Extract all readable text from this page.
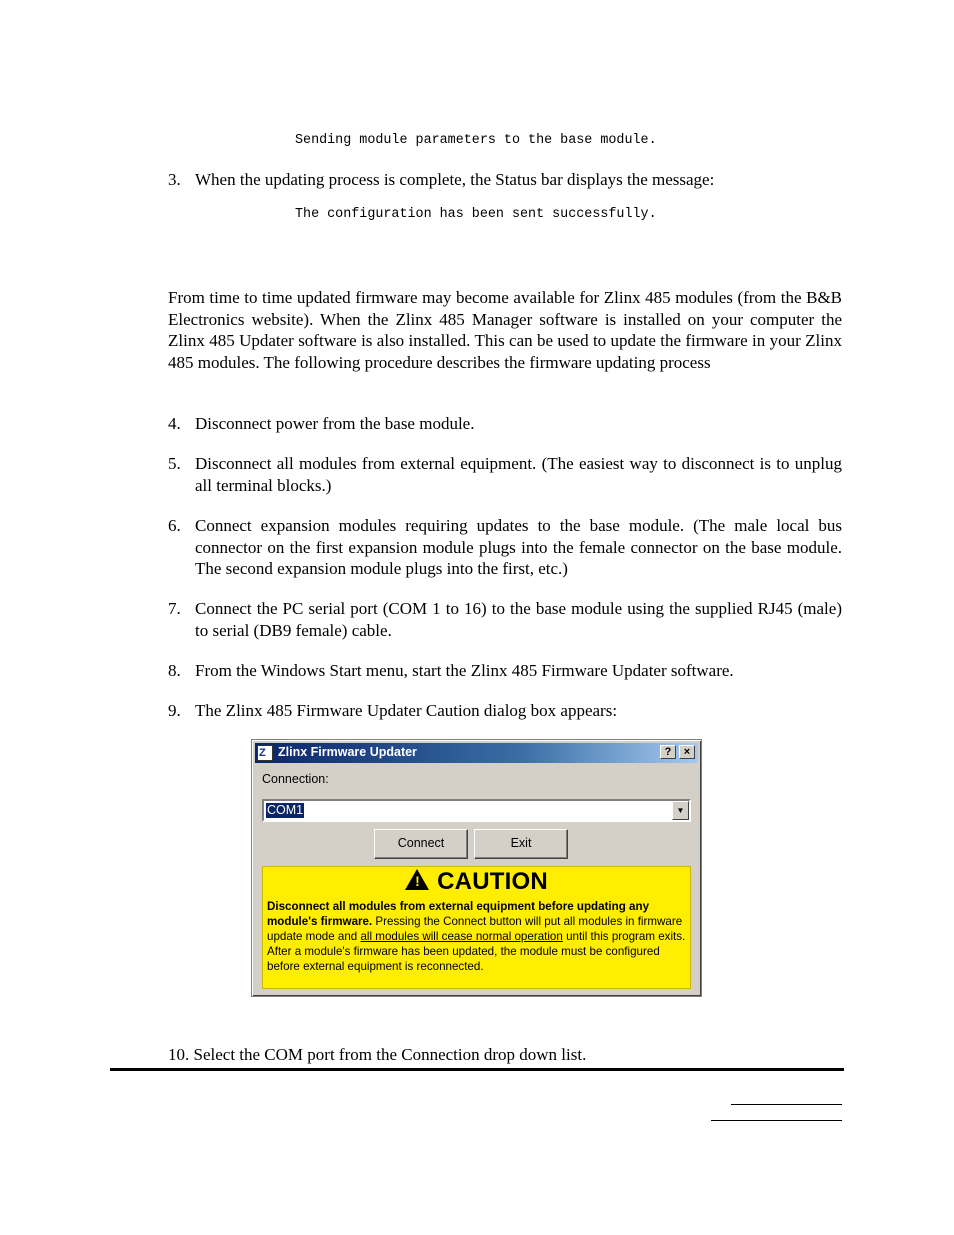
Sending module parameters to the base module.
3. When the updating process is complete, the Status bar displays the message:
The configuration has been sent successfully.
From time to time updated firmware may become available for Zlinx 485 modules (from the B&B Electronics website). When the Zlinx 485 Manager software is installed on your computer the Zlinx 485 Updater software is also installed. This can be used to update the firmware in your Zlinx 485 modules. The following procedure describes the firmware updating process
4. Disconnect power from the base module.
5. Disconnect all modules from external equipment. (The easiest way to disconnect is to unplug all terminal blocks.)
6. Connect expansion modules requiring updates to the base module. (The male local bus connector on the first expansion module plugs into the female connector on the base module. The second expansion module plugs into the first, etc.)
7. Connect the PC serial port (COM 1 to 16) to the base module using the supplied RJ45 (male) to serial (DB9 female) cable.
8. From the Windows Start menu, start the Zlinx 485 Firmware Updater software.
9. The Zlinx 485 Firmware Updater Caution dialog box appears:
Z Zlinx Firmware Updater	?	×
Connection:
COM1	▼
Connect	Exit
! CAUTION
Disconnect all modules from external equipment before updating any module's firmware. Pressing the Connect button will put all modules in firmware update mode and all modules will cease normal operation until this program exits. After a module's firmware has been updated, the module must be configured before external equipment is reconnected.
10. Select the COM port from the Connection drop down list.
